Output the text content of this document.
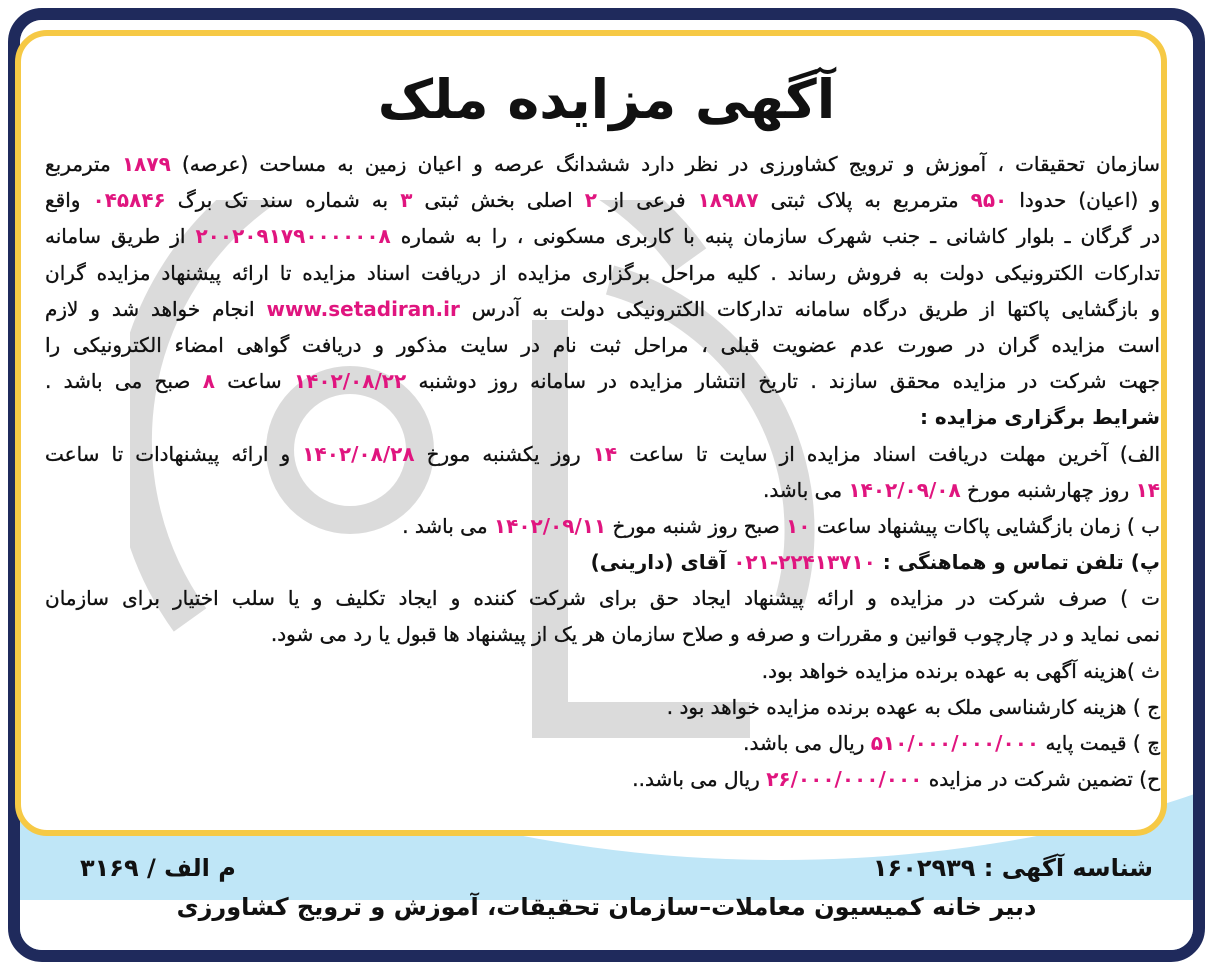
آگهی مزایده ملک
سازمان تحقیقات ، آموزش و ترویج کشاورزی در نظر دارد ششدانگ عرصه و اعیان زمین به مساحت (عرصه) ۱۸۷۹ مترمربع
و (اعیان) حدودا ۹۵۰ مترمربع به پلاک ثبتی ۱۸۹۸۷ فرعی از ۲ اصلی بخش ثبتی ۳ به شماره سند تک برگ ۰۴۵۸۴۶ واقع
در گرگان ـ بلوار کاشانی ـ جنب شهرک سازمان پنبه با کاربری مسکونی ، را به شماره ۲۰۰۲۰۹۱۷۹۰۰۰۰۰۰۸ از طریق سامانه
تدارکات الکترونیکی دولت به فروش رساند . کلیه مراحل برگزاری مزایده از دریافت اسناد مزایده تا ارائه پیشنهاد مزایده گران
و بازگشایی پاکتها از طریق درگاه سامانه تدارکات الکترونیکی دولت به آدرس www.setadiran.ir انجام خواهد شد و لازم
است مزایده گران در صورت عدم عضویت قبلی ، مراحل ثبت نام در سایت مذکور و دریافت گواهی امضاء الکترونیکی را
جهت شرکت در مزایده محقق سازند . تاریخ انتشار مزایده در سامانه روز دوشنبه ۱۴۰۲/۰۸/۲۲ ساعت ۸ صبح می باشد .
شرایط برگزاری مزایده :
الف) آخرین مهلت دریافت اسناد مزایده از سایت تا ساعت ۱۴ روز یکشنبه مورخ ۱۴۰۲/۰۸/۲۸ و ارائه پیشنهادات تا ساعت
۱۴ روز چهارشنبه مورخ ۱۴۰۲/۰۹/۰۸ می باشد.
ب ) زمان بازگشایی پاکات پیشنهاد ساعت ۱۰ صبح روز شنبه مورخ ۱۴۰۲/۰۹/۱۱ می باشد .
پ) تلفن تماس و هماهنگی : ۰۲۱-۲۲۴۱۳۷۱۰ آقای (دارینی)
ت ) صرف شرکت در مزایده و ارائه پیشنهاد ایجاد حق برای شرکت کننده و ایجاد تکلیف و یا سلب اختیار برای سازمان
نمی نماید و در چارچوب قوانین و مقررات و صرفه و صلاح سازمان هر یک از پیشنهاد ها قبول یا رد می شود.
ث )هزینه آگهی به عهده برنده مزایده خواهد بود.
ج ) هزینه کارشناسی ملک به عهده برنده مزایده خواهد بود .
چ ) قیمت پایه ۵۱۰/۰۰۰/۰۰۰/۰۰۰ ریال می باشد.
ح) تضمین شرکت در مزایده ۲۶/۰۰۰/۰۰۰/۰۰۰ ریال می باشد..
شناسه آگهی : ۱۶۰۲۹۳۹
م الف / ۳۱۶۹
دبیر خانه کمیسیون معاملات–سازمان تحقیقات، آموزش و ترویج کشاورزی
